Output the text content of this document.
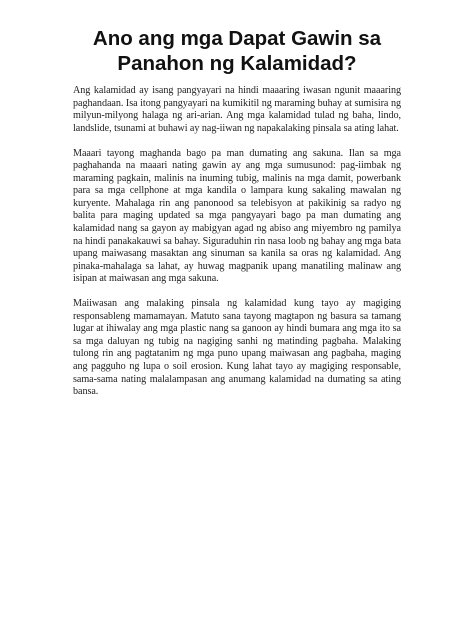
Ano ang mga Dapat Gawin sa
Panahon ng Kalamidad?

Ang kalamidad ay isang pangyayari na hindi maaaring iwasan ngunit maaaring paghandaan. Isa itong pangyayari na kumikitil ng maraming buhay at sumisira ng milyun-milyong halaga ng ari-arian. Ang mga kalamidad tulad ng baha, lindo, landslide, tsunami at buhawi ay nag-iiwan ng napakalaking pinsala sa ating lahat.

Maaari tayong maghanda bago pa man dumating ang sakuna. Ilan sa mga paghahanda na maaari nating gawin ay ang mga sumusunod: pag-iimbak ng maraming pagkain, malinis na inuming tubig, malinis na mga damit, powerbank para sa mga cellphone at mga kandila o lampara kung sakaling mawalan ng kuryente. Mahalaga rin ang panonood sa telebisyon at pakikinig sa radyo ng balita para maging updated sa mga pangyayari bago pa man dumating ang kalamidad nang sa gayon ay mabigyan agad ng abiso ang miyembro ng pamilya na hindi panakakauwi sa bahay. Siguraduhin rin nasa loob ng bahay ang mga bata upang maiwasang masaktan ang sinuman sa kanila sa oras ng kalamidad. Ang pinaka-mahalaga sa lahat, ay huwag magpanik upang manatiling malinaw ang isipan at maiwasan ang mga sakuna.

Maiiwasan ang malaking pinsala ng kalamidad kung tayo ay magiging responsableng mamamayan. Matuto sana tayong magtapon ng basura sa tamang lugar at ihiwalay ang mga plastic nang sa ganoon ay hindi bumara ang mga ito sa sa mga daluyan ng tubig na nagiging sanhi ng matinding pagbaha. Malaking tulong rin ang pagtatanim ng mga puno upang maiwasan ang pagbaha, maging ang pagguho ng lupa o soil erosion. Kung lahat tayo ay magiging responsable, sama-sama nating malalampasan ang anumang kalamidad na dumating sa ating bansa.
